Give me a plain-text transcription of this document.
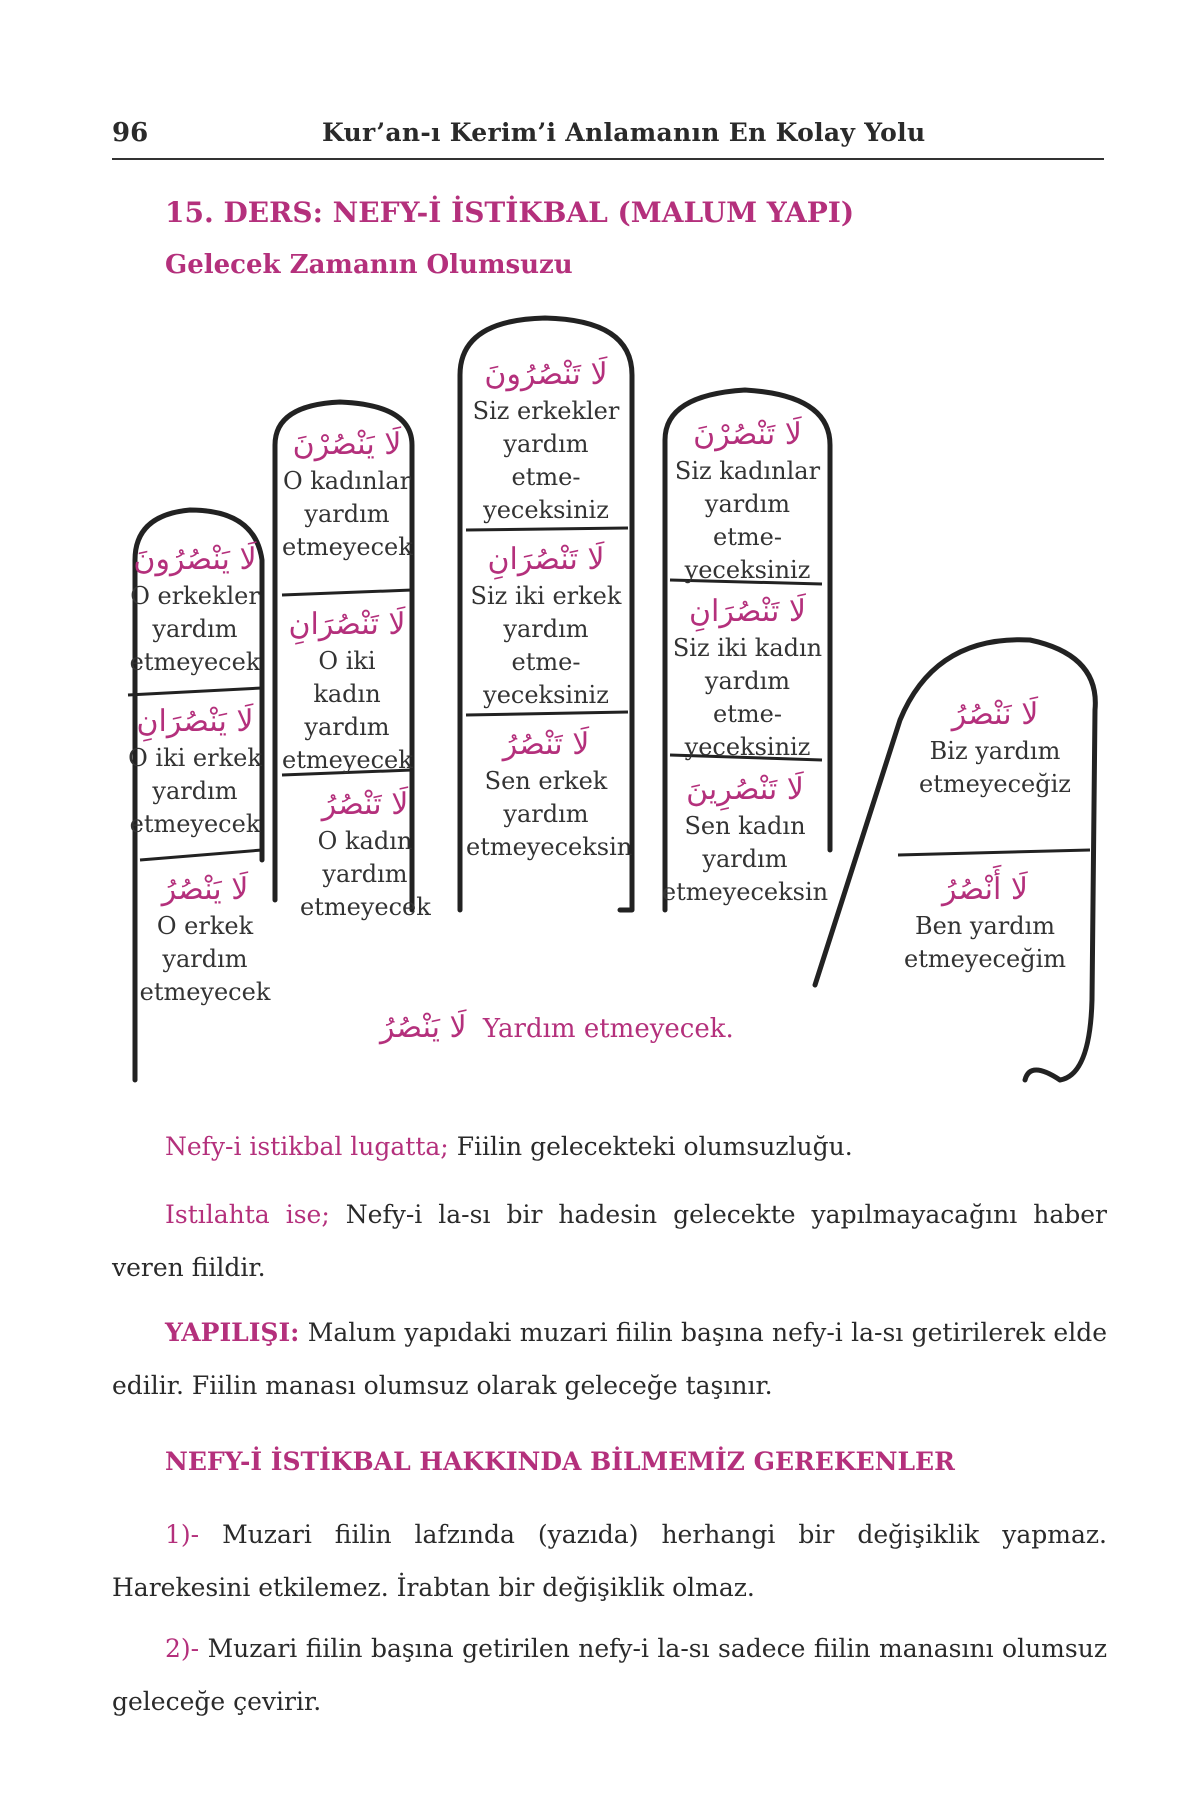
96	Kur’an-ı Kerim’i Anlamanın En Kolay Yolu
15. DERS: NEFY-İ İSTİKBAL (MALUM YAPI)
Gelecek Zamanın Olumsuzu
لَا يَنْصُرُونَ
O erkekler yardım etmeyecek
لَا يَنْصُرَانِ
O iki erkek yardım etmeyecek
لَا يَنْصُرُ
O erkek yardım etmeyecek
لَا يَنْصُرْنَ
O kadınlar yardım etmeyecek
لَا تَنْصُرَانِ
O iki kadın yardım etmeyecek
لَا تَنْصُرُ
O kadın yardım etmeyecek
لَا تَنْصُرُونَ
Siz erkekler yardım etme- yeceksiniz
لَا تَنْصُرَانِ
Siz iki erkek yardım etme- yeceksiniz
لَا تَنْصُرُ
Sen erkek yardım etmeyeceksin
لَا تَنْصُرْنَ
Siz kadınlar yardım etme- yeceksiniz
لَا تَنْصُرَانِ
Siz iki kadın yardım etme- yeceksiniz
لَا تَنْصُرِينَ
Sen kadın yardım etmeyeceksin
لَا نَنْصُرُ
Biz yardım etmeyeceğiz
لَا أَنْصُرُ
Ben yardım etmeyeceğim
لَا يَنْصُرُ Yardım etmeyecek.

Nefy-i istikbal lugatta; Fiilin gelecekteki olumsuzluğu.

Istılahta ise; Nefy-i la-sı bir hadesin gelecekte yapılmayacağını haber veren fiildir.

YAPILIŞI: Malum yapıdaki muzari fiilin başına nefy-i la-sı getirilerek elde edilir. Fiilin manası olumsuz olarak geleceğe taşınır.

NEFY-İ İSTİKBAL HAKKINDA BİLMEMİZ GEREKENLER

1)- Muzari fiilin lafzında (yazıda) herhangi bir değişiklik yapmaz. Harekesini etkilemez. İrabtan bir değişiklik olmaz.

2)- Muzari fiilin başına getirilen nefy-i la-sı sadece fiilin manasını olumsuz geleceğe çevirir.
